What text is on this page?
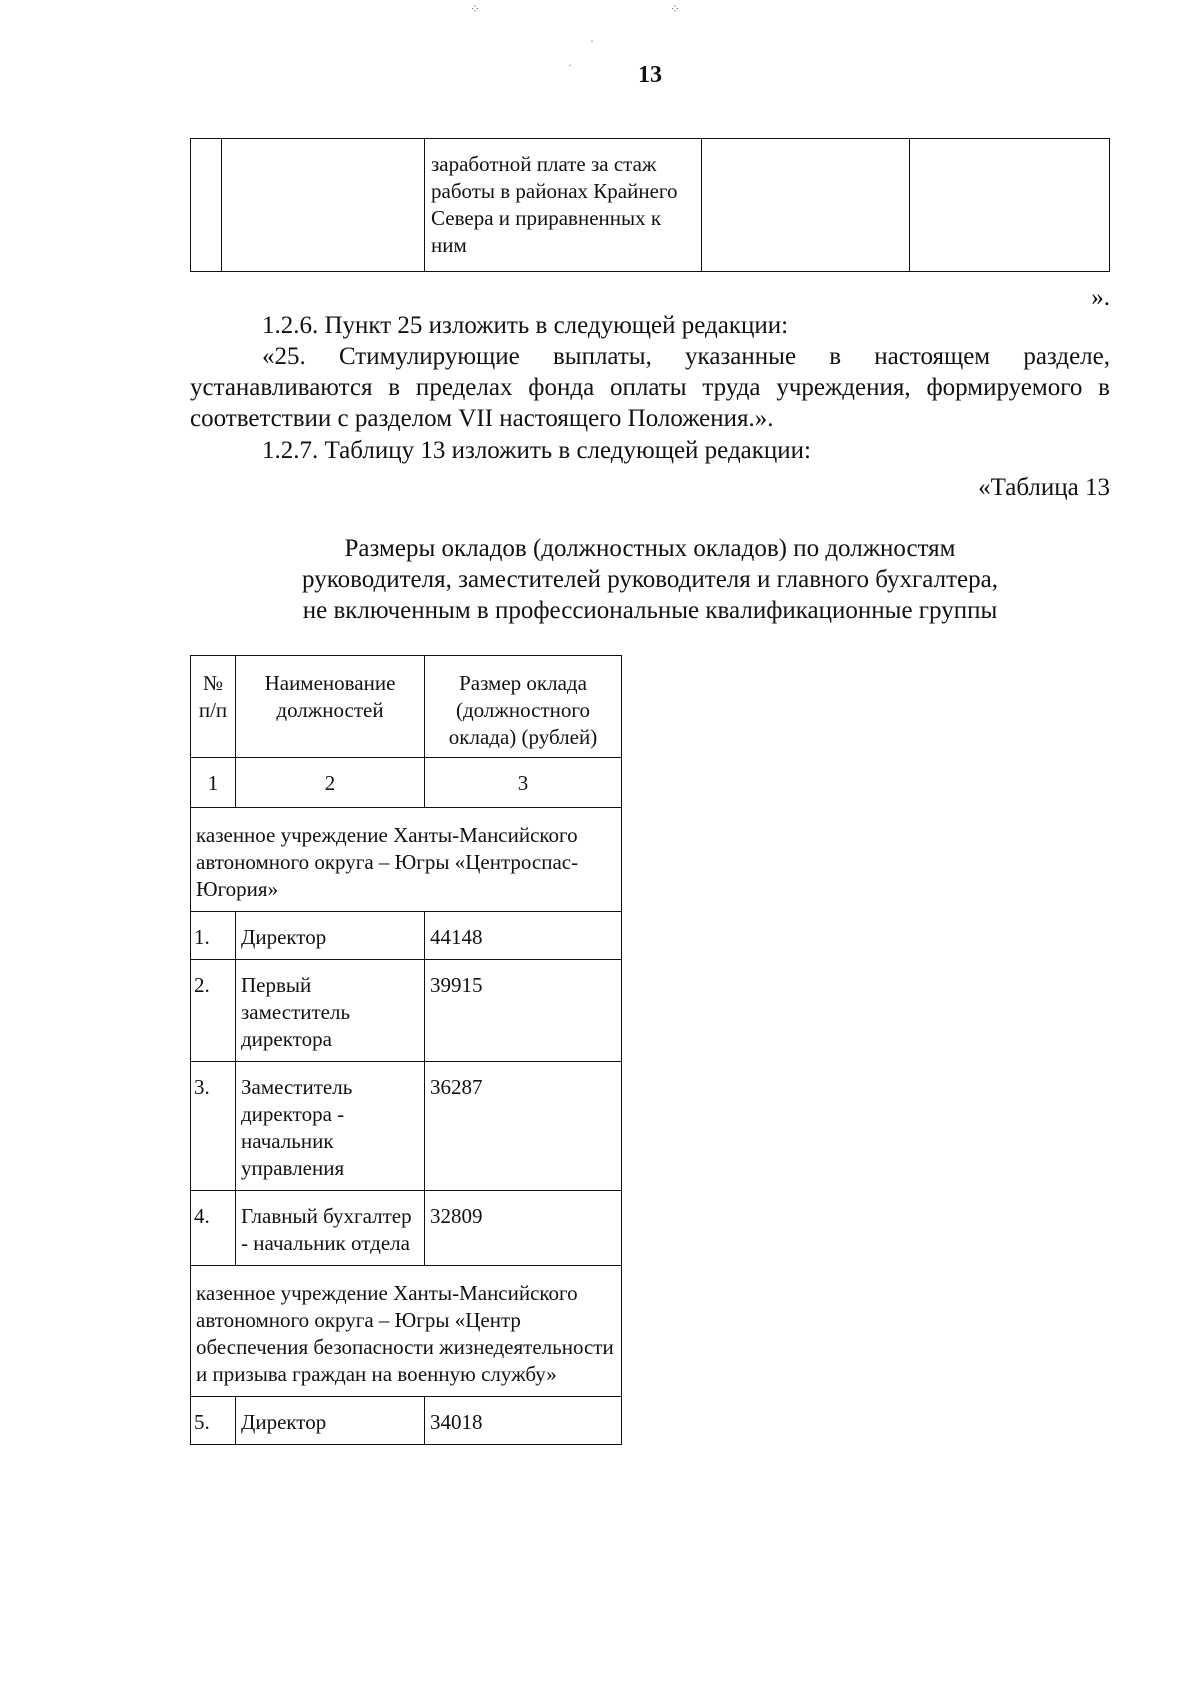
13
		заработной плате за стаж работы в районах Крайнего Севера и приравненных к ним		
».
1.2.6. Пункт 25 изложить в следующей редакции:
«25. Стимулирующие выплаты, указанные в настоящем разделе, устанавливаются в пределах фонда оплаты труда учреждения, формируемого в соответствии с разделом VII настоящего Положения.».
1.2.7. Таблицу 13 изложить в следующей редакции:
«Таблица 13
Размеры окладов (должностных окладов) по должностям
руководителя, заместителей руководителя и главного бухгалтера,
не включенным в профессиональные квалификационные группы
№ п/п	Наименование должностей	Размер оклада (должностного оклада) (рублей)
1	2	3
казенное учреждение Ханты-Мансийского автономного округа – Югры «Центроспас-Югория»		
1.	Директор	44148
2.	Первый заместитель директора	39915
3.	Заместитель директора - начальник управления	36287
4.	Главный бухгалтер - начальник отдела	32809
казенное учреждение Ханты-Мансийского автономного округа – Югры «Центр обеспечения безопасности жизнедеятельности и призыва граждан на военную службу»		
5.	Директор	34018
⁘	⁘
·
·
